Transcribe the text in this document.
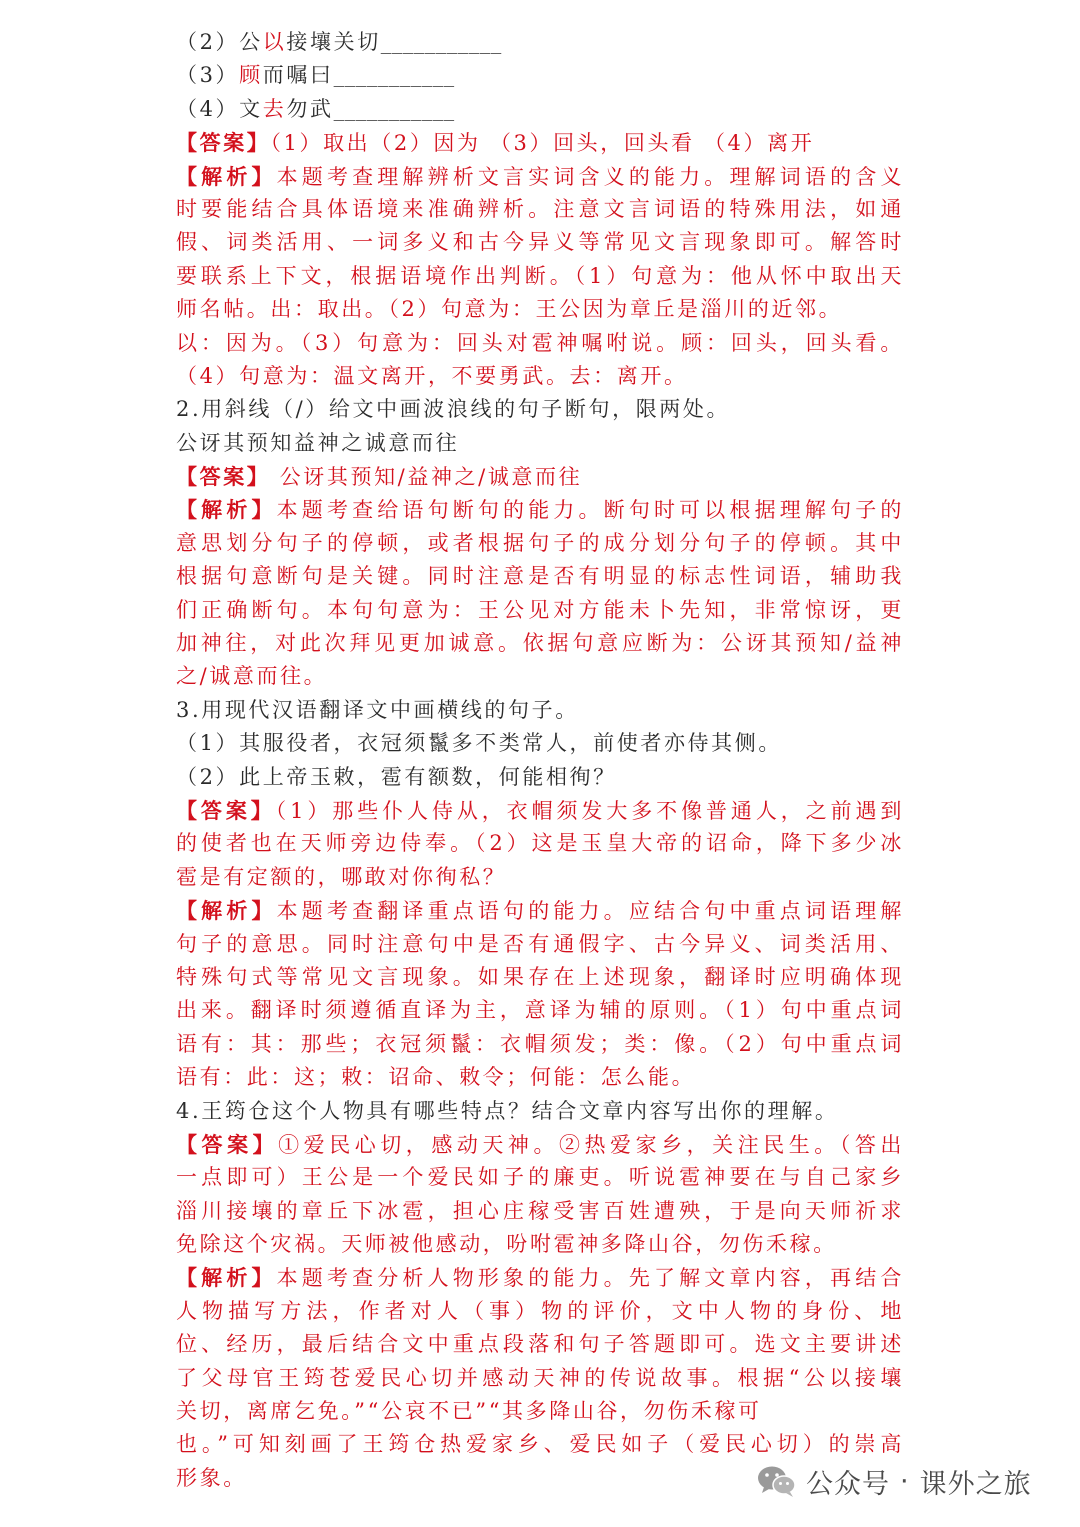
（2）公以接壤关切___________
（3）顾而嘱曰___________
（4）文去勿武___________
【答案】（1）取出（2）因为 （3）回头，回头看 （4）离开
【解析】本题考查理解辨析文言实词含义的能力。理解词语的含义
时要能结合具体语境来准确辨析。注意文言词语的特殊用法，如通
假、词类活用、一词多义和古今异义等常见文言现象即可。解答时
要联系上下文，根据语境作出判断。（1）句意为：他从怀中取出天
师名帖。出：取出。（2）句意为：王公因为章丘是淄川的近邻。
以：因为。（3）句意为：回头对雹神嘱咐说。顾：回头，回头看。
（4）句意为：温文离开，不要勇武。去：离开。
2.用斜线（/）给文中画波浪线的句子断句，限两处。
公讶其预知益神之诚意而往
【答案】 公讶其预知/益神之/诚意而往
【解析】本题考查给语句断句的能力。断句时可以根据理解句子的
意思划分句子的停顿，或者根据句子的成分划分句子的停顿。其中
根据句意断句是关键。同时注意是否有明显的标志性词语，辅助我
们正确断句。本句句意为：王公见对方能未卜先知，非常惊讶，更
加神往，对此次拜见更加诚意。依据句意应断为：公讶其预知/益神
之/诚意而往。
3.用现代汉语翻译文中画横线的句子。
（1）其服役者，衣冠须鬣多不类常人，前使者亦侍其侧。
（2）此上帝玉敕，雹有额数，何能相徇？
【答案】（1）那些仆人侍从，衣帽须发大多不像普通人，之前遇到
的使者也在天师旁边侍奉。（2）这是玉皇大帝的诏命，降下多少冰
雹是有定额的，哪敢对你徇私？
【解析】本题考查翻译重点语句的能力。应结合句中重点词语理解
句子的意思。同时注意句中是否有通假字、古今异义、词类活用、
特殊句式等常见文言现象。如果存在上述现象，翻译时应明确体现
出来。翻译时须遵循直译为主，意译为辅的原则。（1）句中重点词
语有：其：那些；衣冠须鬣：衣帽须发；类：像。（2）句中重点词
语有：此：这；敕：诏命、敕令；何能：怎么能。
4.王筠仓这个人物具有哪些特点？结合文章内容写出你的理解。
【答案】①爱民心切，感动天神。②热爱家乡，关注民生。（答出
一点即可）王公是一个爱民如子的廉吏。听说雹神要在与自己家乡
淄川接壤的章丘下冰雹，担心庄稼受害百姓遭殃，于是向天师祈求
免除这个灾祸。天师被他感动，吩咐雹神多降山谷，勿伤禾稼。
【解析】本题考查分析人物形象的能力。先了解文章内容，再结合
人物描写方法，作者对人（事）物的评价，文中人物的身份、地
位、经历，最后结合文中重点段落和句子答题即可。选文主要讲述
了父母官王筠苍爱民心切并感动天神的传说故事。根据“公以接壤
关切，离席乞免。”“公哀不已”“其多降山谷，勿伤禾稼可
也。”可知刻画了王筠仓热爱家乡、爱民如子（爱民心切）的崇高
形象。	公众号 · 课外之旅
